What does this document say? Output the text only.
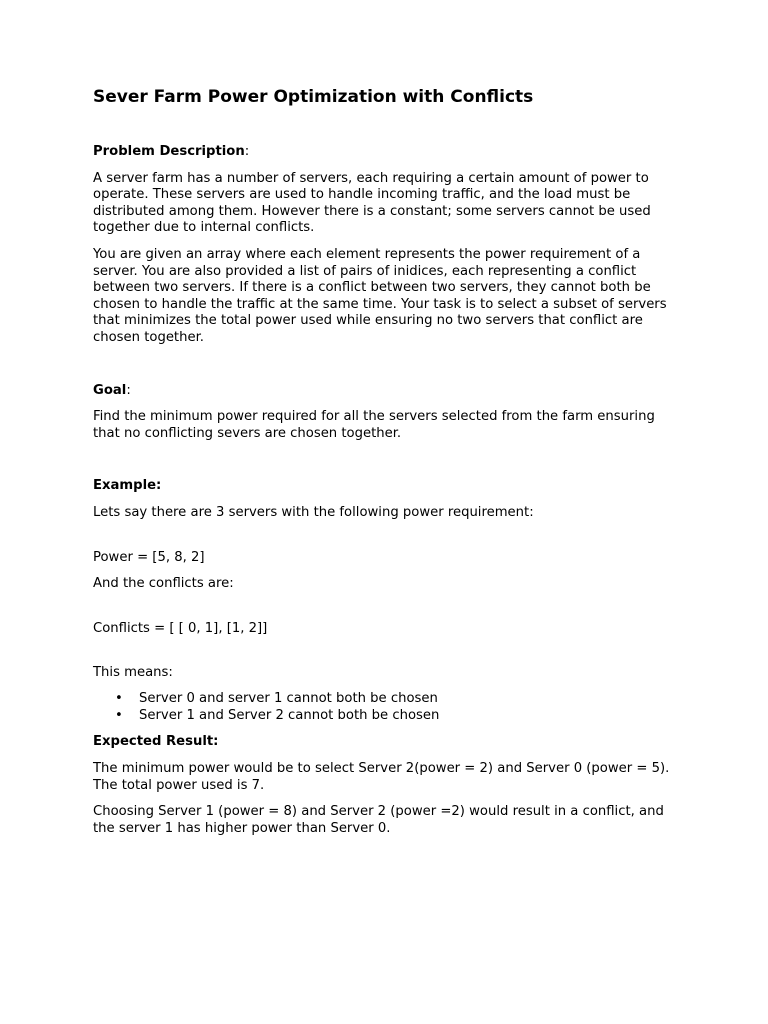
Sever Farm Power Optimization with Conflicts
Problem Description:

A server farm has a number of servers, each requiring a certain amount of power to operate. These servers are used to handle incoming traffic, and the load must be distributed among them. However there is a constant; some servers cannot be used together due to internal conflicts.

You are given an array where each element represents the power requirement of a server. You are also provided a list of pairs of inidices, each representing a conflict between two servers. If there is a conflict between two servers, they cannot both be chosen to handle the traffic at the same time. Your task is to select a subset of servers that minimizes the total power used while ensuring no two servers that conflict are chosen together.

Goal:

Find the minimum power required for all the servers selected from the farm ensuring that no conflicting severs are chosen together.

Example:

Lets say there are 3 servers with the following power requirement:

Power = [5, 8, 2]

And the conflicts are:

Conflicts = [ [ 0, 1], [1, 2]]

This means:

• Server 0 and server 1 cannot both be chosen
• Server 1 and Server 2 cannot both be chosen
Expected Result:

The minimum power would be to select Server 2(power = 2) and Server 0 (power = 5). The total power used is 7.

Choosing Server 1 (power = 8) and Server 2 (power =2) would result in a conflict, and the server 1 has higher power than Server 0.
